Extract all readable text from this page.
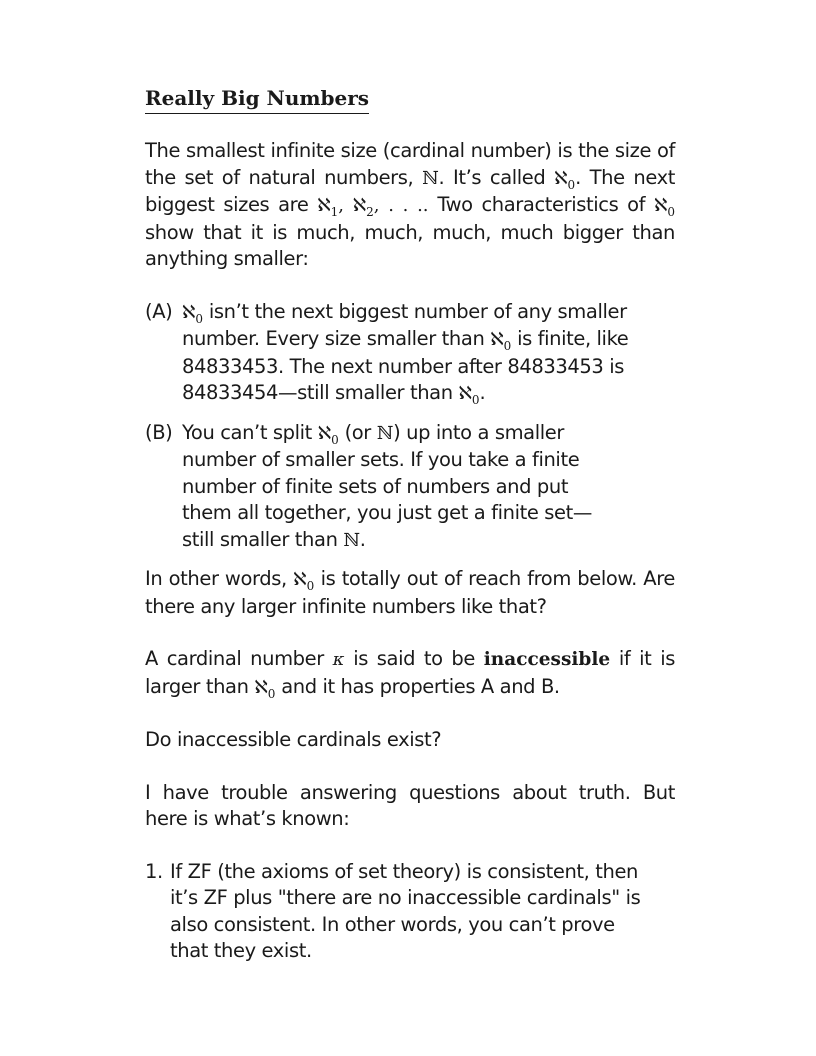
Really Big Numbers

The smallest infinite size (cardinal number) is the size of the set of natural numbers, ℕ. It’s called ℵ$_0$. The next biggest sizes are ℵ$_1$, ℵ$_2$, . . .. Two characteristics of ℵ$_0$ show that it is much, much, much, much bigger than anything smaller:

(A) ℵ$_0$ isn’t the next biggest number of any smaller number. Every size smaller than ℵ$_0$ is finite, like 84833453. The next number after 84833453 is 84833454—still smaller than ℵ$_0$.

(B) You can’t split ℵ$_0$ (or ℕ) up into a smaller number of smaller sets. If you take a finite number of finite sets of numbers and put them all together, you just get a finite set—still smaller than ℕ.

In other words, ℵ$_0$ is totally out of reach from below. Are there any larger infinite numbers like that?

A cardinal number κ is said to be inaccessible if it is larger than ℵ$_0$ and it has properties A and B.

Do inaccessible cardinals exist?

I have trouble answering questions about truth. But here is what’s known:

1. If ZF (the axioms of set theory) is consistent, then it’s ZF plus "there are no inaccessible cardinals" is also consistent. In other words, you can’t prove that they exist.
